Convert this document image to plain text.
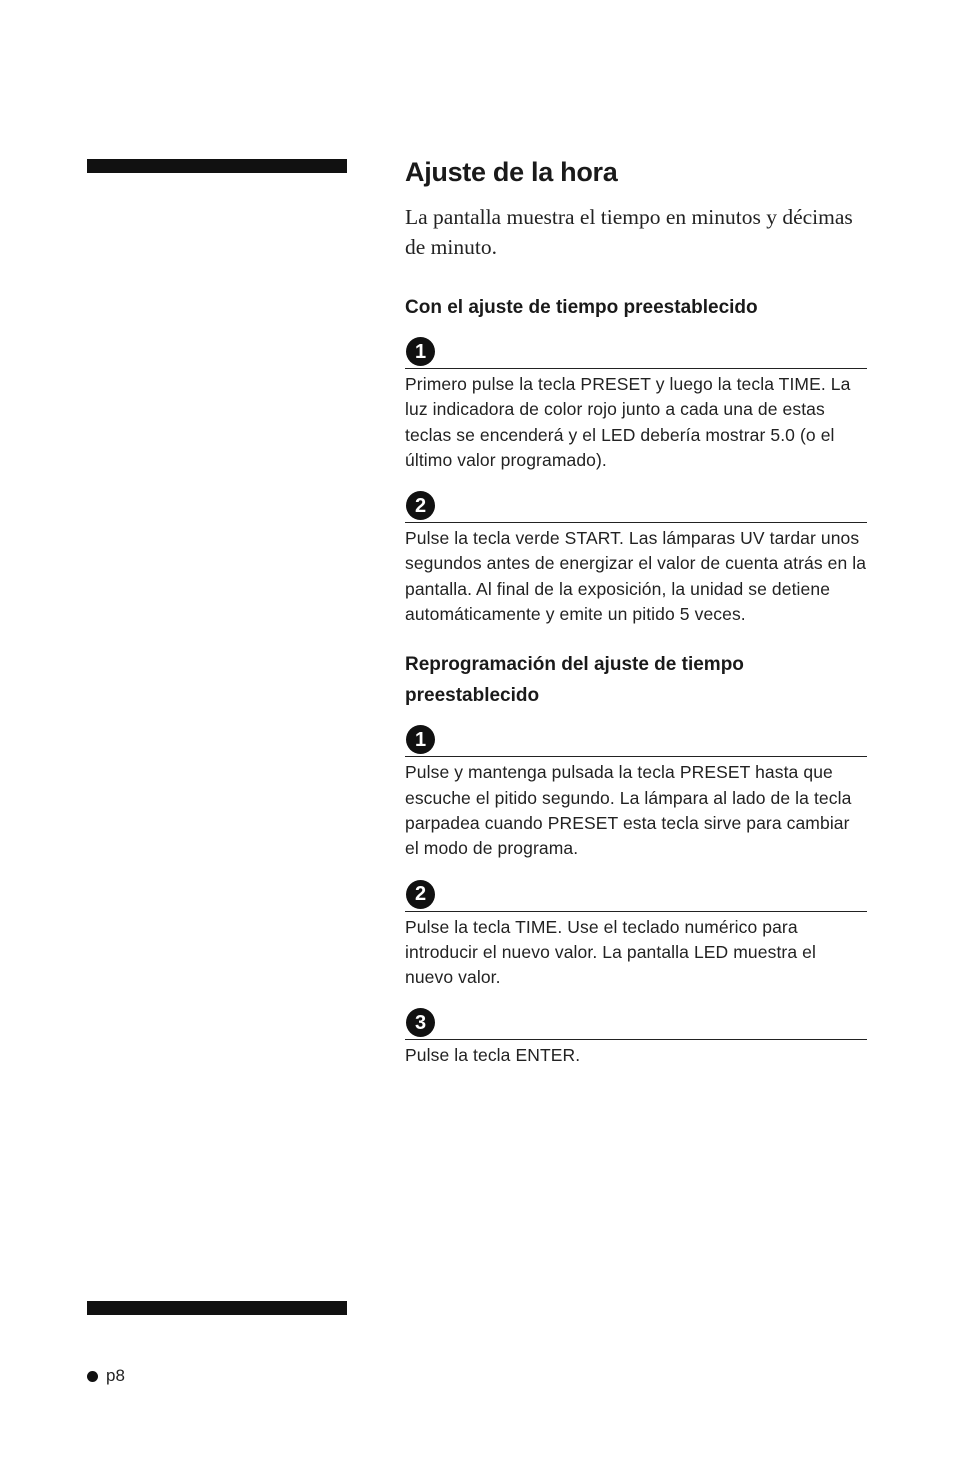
Ajuste de la hora

La pantalla muestra el tiempo en minutos y décimas de minuto.

Con el ajuste de tiempo preestablecido
1

Primero pulse la tecla PRESET y luego la tecla TIME. La luz indicadora de color rojo junto a cada una de estas teclas se encenderá y el LED debería mostrar 5.0 (o el último valor programado).

2

Pulse la tecla verde START. Las lámparas UV tardar unos segundos antes de energizar el valor de cuenta atrás en la pantalla. Al final de la exposición, la unidad se detiene automáticamente y emite un pitido 5 veces.

Reprogramación del ajuste de tiempo preestablecido
1

Pulse y mantenga pulsada la tecla PRESET hasta que escuche el pitido segundo. La lámpara al lado de la tecla parpadea cuando PRESET esta tecla sirve para cambiar el modo de programa.

2

Pulse la tecla TIME. Use el teclado numérico para introducir el nuevo valor. La pantalla LED muestra el nuevo valor.

3

Pulse la tecla ENTER.

p8
